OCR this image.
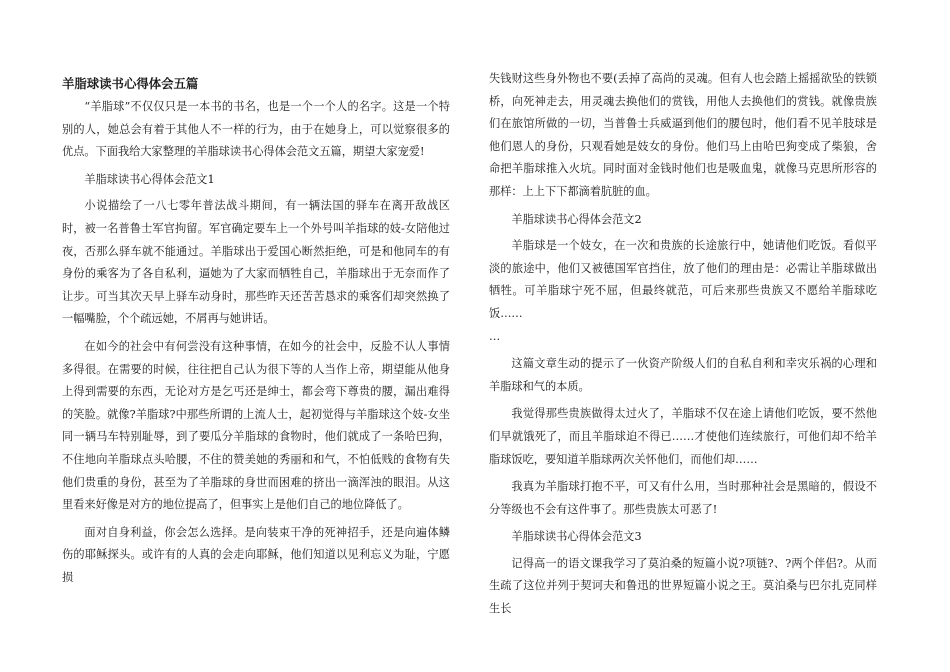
羊脂球读书心得体会五篇

“羊脂球”不仅仅只是一本书的书名，也是一个一个人的名字。这是一个特别的人，她总会有着于其他人不一样的行为，由于在她身上，可以觉察很多的优点。下面我给大家整理的羊脂球读书心得体会范文五篇，期望大家宠爱!

羊脂球读书心得体会范文1

小说描绘了一八七零年普法战斗期间，有一辆法国的驿车在离开敌战区时，被一名普鲁士军官拘留。军官确定要车上一个外号叫羊指球的妓-女陪他过夜，否那么驿车就不能通过。羊脂球出于爱国心断然拒绝，可是和他同车的有身份的乘客为了各自私利，逼她为了大家而牺牲自己，羊脂球出于无奈而作了让步。可当其次天早上驿车动身时，那些昨天还苦苦恳求的乘客们却突然换了一幅嘴脸，个个疏远她，不屑再与她讲话。

在如今的社会中有何尝没有这种事情，在如今的社会中，反脸不认人事情多得很。在需要的时候，往往把自己认为很下等的人当作上帝，期望能从他身上得到需要的东西，无论对方是乞丐还是绅士，都会弯下尊贵的腰，漏出难得的笑脸。就像?羊脂球?中那些所谓的上流人士，起初觉得与羊脂球这个妓-女坐同一辆马车特别耻辱，到了要瓜分羊脂球的食物时，他们就成了一条哈巴狗，不住地向羊脂球点头哈腰，不住的赞美她的秀丽和和气，不怕低贱的食物有失他们贵重的身份，甚至为了羊脂球的身世而困难的挤出一滴浑浊的眼泪。从这里看来好像是对方的地位提高了，但事实上是他们自己的地位降低了。

面对自身利益，你会怎么选择。是向装束干净的死神招手，还是向遍体鳞伤的耶稣探头。或许有的人真的会走向耶稣，他们知道以见利忘义为耻，宁愿损

失钱财这些身外物也不要(丢掉了高尚的灵魂。但有人也会踏上摇摇欲坠的铁锁桥，向死神走去，用灵魂去换他们的赏钱，用他人去换他们的赏钱。就像贵族们在旅馆所做的一切，当普鲁士兵威逼到他们的腰包时，他们看不见羊肢球是他们恩人的身份，只观看她是妓女的身份。他们马上由哈巴狗变成了柴狼，舍命把羊脂球推入火坑。同时面对金钱时他们也是吸血鬼，就像马克思所形容的那样：上上下下都滴着肮脏的血。

羊脂球读书心得体会范文2

羊脂球是一个妓女，在一次和贵族的长途旅行中，她请他们吃饭。看似平淡的旅途中，他们又被德国军官挡住，放了他们的理由是：必需让羊脂球做出牺牲。可羊脂球宁死不屈，但最终就范，可后来那些贵族又不愿给羊脂球吃饭……

…

这篇文章生动的提示了一伙资产阶级人们的自私自利和幸灾乐祸的心理和羊脂球和气的本质。

我觉得那些贵族做得太过火了，羊脂球不仅在途上请他们吃饭，要不然他们早就饿死了，而且羊脂球迫不得已……才使他们连续旅行，可他们却不给羊脂球饭吃，要知道羊脂球两次关怀他们，而他们却……

我真为羊脂球打抱不平，可又有什么用，当时那种社会是黑暗的，假设不分等级也不会有这件事了。那些贵族太可恶了!

羊脂球读书心得体会范文3

记得高一的语文课我学习了莫泊桑的短篇小说?项链?、?两个伴侣?。从而生疏了这位并列于契诃夫和鲁迅的世界短篇小说之王。莫泊桑与巴尔扎克同样生长
